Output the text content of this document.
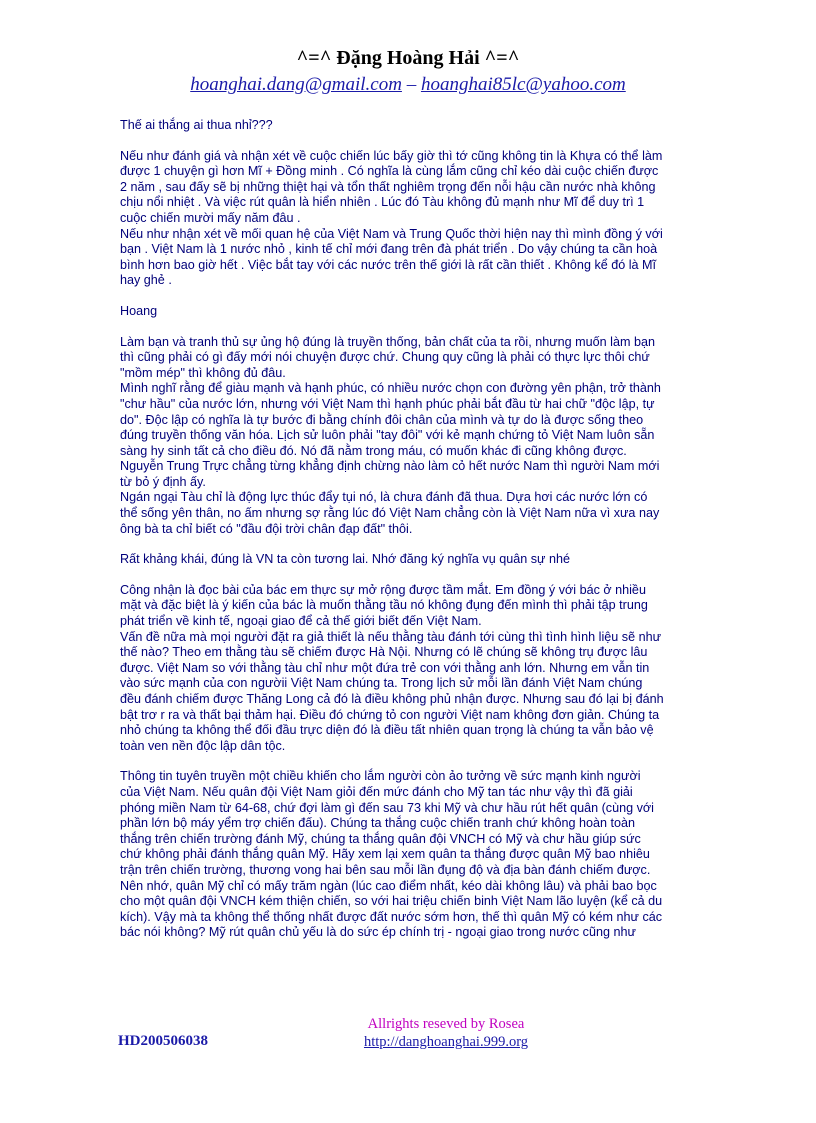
^=^ Đặng Hoàng Hải ^=^
hoanghai.dang@gmail.com – hoanghai85lc@yahoo.com

Thế ai thắng ai thua nhỉ???

Nếu như đánh giá và nhận xét về cuộc chiến lúc bấy giờ thì tớ cũng không tin là Khựa có thể làm
được 1 chuyện gì hơn Mĩ + Đồng minh . Có nghĩa là cùng lắm cũng chỉ kéo dài cuộc chiến được
2 năm , sau đấy sẽ bị những thiệt hại và tổn thất nghiêm trọng đến nỗi hậu cần nước nhà không
chịu nổi nhiệt . Và việc rút quân là hiển nhiên . Lúc đó Tàu không đủ mạnh như Mĩ để duy trì 1
cuộc chiến mười mấy năm đâu .
Nếu như nhận xét về mối quan hệ của Việt Nam và Trung Quốc thời hiện nay thì mình đồng ý với
bạn . Việt Nam là 1 nước nhỏ , kinh tế chỉ mới đang trên đà phát triển . Do vậy chúng ta cần hoà
bình hơn bao giờ hết . Việc bắt tay với các nước trên thế giới là rất cần thiết . Không kể đó là Mĩ
hay ghẻ .

Hoang

Làm bạn và tranh thủ sự ủng hộ đúng là truyền thống, bản chất của ta rồi, nhưng muốn làm bạn
thì cũng phải có gì đấy mới nói chuyện được chứ. Chung quy cũng là phải có thực lực thôi chứ
"mồm mép" thì không đủ đâu.
Mình nghĩ rằng để giàu mạnh và hạnh phúc, có nhiều nước chọn con đường yên phận, trở thành
"chư hầu" của nước lớn, nhưng với Việt Nam thì hạnh phúc phải bắt đầu từ hai chữ "độc lập, tự
do". Độc lập có nghĩa là tự bước đi bằng chính đôi chân của mình và tự do là được sống theo
đúng truyền thống văn hóa. Lịch sử luôn phải "tay đôi" với kẻ mạnh chứng tỏ Việt Nam luôn sẵn
sàng hy sinh tất cả cho điều đó. Nó đã nằm trong máu, có muốn khác đi cũng không được.
Nguyễn Trung Trực chẳng từng khẳng định chừng nào làm cỏ hết nước Nam thì người Nam mới
từ bỏ ý định ấy.
Ngán ngại Tàu chỉ là động lực thúc đẩy tụi nó, là chưa đánh đã thua. Dựa hơi các nước lớn có
thể sống yên thân, no ấm nhưng sợ rằng lúc đó Việt Nam chẳng còn là Việt Nam nữa vì xưa nay
ông bà ta chỉ biết có "đầu đội trời chân đạp đất" thôi.

Rất khảng khái, đúng là VN ta còn tương lai. Nhớ đăng ký nghĩa vụ quân sự nhé

Công nhận là đọc bài của bác em thực sự mở rộng được tầm mắt. Em đồng ý với bác ở nhiều
mặt và đặc biệt là ý kiến của bác là muốn thằng tầu nó không đụng đến mình thì phải tập trung
phát triển về kinh tế, ngoại giao để cả thế giới biết đến Việt Nam.
Vấn đề nữa mà mọi người đặt ra giả thiết là nếu thằng tàu đánh tới cùng thì tình hình liệu sẽ như
thế nào? Theo em thằng tàu sẽ chiếm được Hà Nội. Nhưng có lẽ chúng sẽ không trụ được lâu
được. Việt Nam so với thằng tàu chỉ như một đứa trẻ con với thằng anh lớn. Nhưng em vẫn tin
vào sức mạnh của con ngườii Việt Nam chúng ta. Trong lịch sử mỗi lần đánh Việt Nam chúng
đều đánh chiếm được Thăng Long cả đó là điều không phủ nhận được. Nhưng sau đó lại bị đánh
bật trơ r ra và thất bại thảm hại. Điều đó chứng tỏ con người Việt nam không đơn giản. Chúng ta
nhỏ chúng ta không thể đối đầu trực diện đó là điều tất nhiên quan trọng là chúng ta vẫn bảo vệ
toàn ven nền độc lập dân tộc.

Thông tin tuyên truyền một chiều khiến cho lắm người còn ảo tưởng về sức mạnh kinh người
của Việt Nam. Nếu quân đội Việt Nam giỏi đến mức đánh cho Mỹ tan tác như vậy thì đã giải
phóng miền Nam từ 64-68, chứ đợi làm gì đến sau 73 khi Mỹ và chư hầu rút hết quân (cùng với
phần lớn bộ máy yểm trợ chiến đấu). Chúng ta thắng cuộc chiến tranh chứ không hoàn toàn
thắng trên chiến trường đánh Mỹ, chúng ta thắng quân đội VNCH có Mỹ và chư hầu giúp sức
chứ không phải đánh thắng quân Mỹ. Hãy xem lại xem quân ta thắng được quân Mỹ bao nhiêu
trận trên chiến trường, thương vong hai bên sau mỗi lần đụng độ và địa bàn đánh chiếm được.
Nên nhớ, quân Mỹ chỉ có mấy trăm ngàn (lúc cao điểm nhất, kéo dài không lâu) và phải bao bọc
cho một quân đội VNCH kém thiện chiến, so với hai triệu chiến binh Việt Nam lão luyện (kể cả du
kích). Vậy mà ta không thể thống nhất được đất nước sớm hơn, thế thì quân Mỹ có kém như các
bác nói không? Mỹ rút quân chủ yếu là do sức ép chính trị - ngoại giao trong nước cũng như

HD200506038
Allrights reseved by Rosea
http://danghoanghai.999.org
